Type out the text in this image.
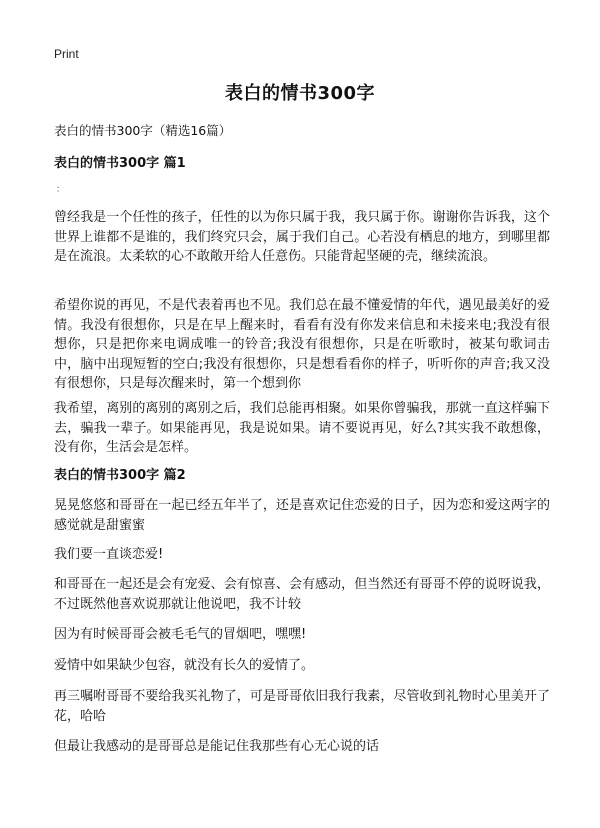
Print
表白的情书300字
表白的情书300字（精选16篇）
表白的情书300字 篇1
：
曾经我是一个任性的孩子，任性的以为你只属于我，我只属于你。谢谢你告诉我，这个世界上谁都不是谁的，我们终究只会，属于我们自己。心若没有栖息的地方，到哪里都是在流浪。太柔软的心不敢敞开给人任意伤。只能背起坚硬的壳，继续流浪。
希望你说的再见，不是代表着再也不见。我们总在最不懂爱情的年代，遇见最美好的爱情。我没有很想你，只是在早上醒来时，看看有没有你发来信息和未接来电;我没有很想你，只是把你来电调成唯一的铃音;我没有很想你，只是在听歌时，被某句歌词击中，脑中出现短暂的空白;我没有很想你，只是想看看你的样子，听听你的声音;我又没有很想你，只是每次醒来时，第一个想到你
我希望，离别的离别的离别之后，我们总能再相聚。如果你曾骗我，那就一直这样骗下去，骗我一辈子。如果能再见，我是说如果。请不要说再见，好么?其实我不敢想像，没有你，生活会是怎样。
表白的情书300字 篇2
晃晃悠悠和哥哥在一起已经五年半了，还是喜欢记住恋爱的日子，因为恋和爱这两字的感觉就是甜蜜蜜
我们要一直谈恋爱!
和哥哥在一起还是会有宠爱、会有惊喜、会有感动，但当然还有哥哥不停的说呀说我，不过既然他喜欢说那就让他说吧，我不计较
因为有时候哥哥会被毛毛气的冒烟吧，嘿嘿!
爱情中如果缺少包容，就没有长久的爱情了。
再三嘱咐哥哥不要给我买礼物了，可是哥哥依旧我行我素，尽管收到礼物时心里美开了花，哈哈
但最让我感动的是哥哥总是能记住我那些有心无心说的话
